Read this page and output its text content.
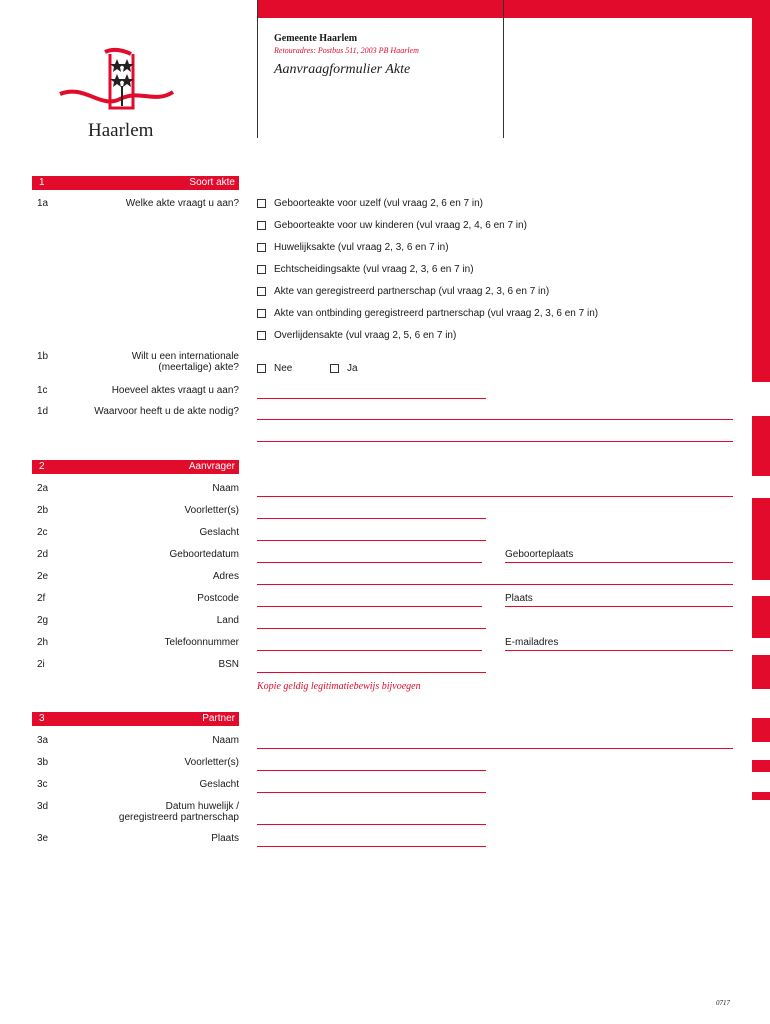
Haarlem
Gemeente Haarlem
Retouradres: Postbus 511, 2003 PB Haarlem
Aanvraagformulier Akte
1	Soort akte
1a	Welke akte vraagt u aan?	Geboorteakte voor uzelf (vul vraag 2, 6 en 7 in)
Geboorteakte voor uw kinderen (vul vraag 2, 4, 6 en 7 in)
Huwelijksakte (vul vraag 2, 3, 6 en 7 in)
Echtscheidingsakte (vul vraag 2, 3, 6 en 7 in)
Akte van geregistreerd partnerschap (vul vraag 2, 3, 6 en 7 in)
Akte van ontbinding geregistreerd partnerschap (vul vraag 2, 3, 6 en 7 in)
Overlijdensakte (vul vraag 2, 5, 6 en 7 in)
1b	Wilt u een internationale
(meertalige) akte?	Nee	Ja
1c	Hoeveel aktes vraagt u aan?
1d	Waarvoor heeft u de akte nodig?
2	Aanvrager
2a	Naam
2b	Voorletter(s)
2c	Geslacht
2d	Geboortedatum	Geboorteplaats
2e	Adres
2f	Postcode	Plaats
2g	Land
2h	Telefoonnummer	E-mailadres
2i	BSN
Kopie geldig legitimatiebewijs bijvoegen
3	Partner
3a	Naam
3b	Voorletter(s)
3c	Geslacht
3d	Datum huwelijk /
geregistreerd partnerschap
3e	Plaats
0717
